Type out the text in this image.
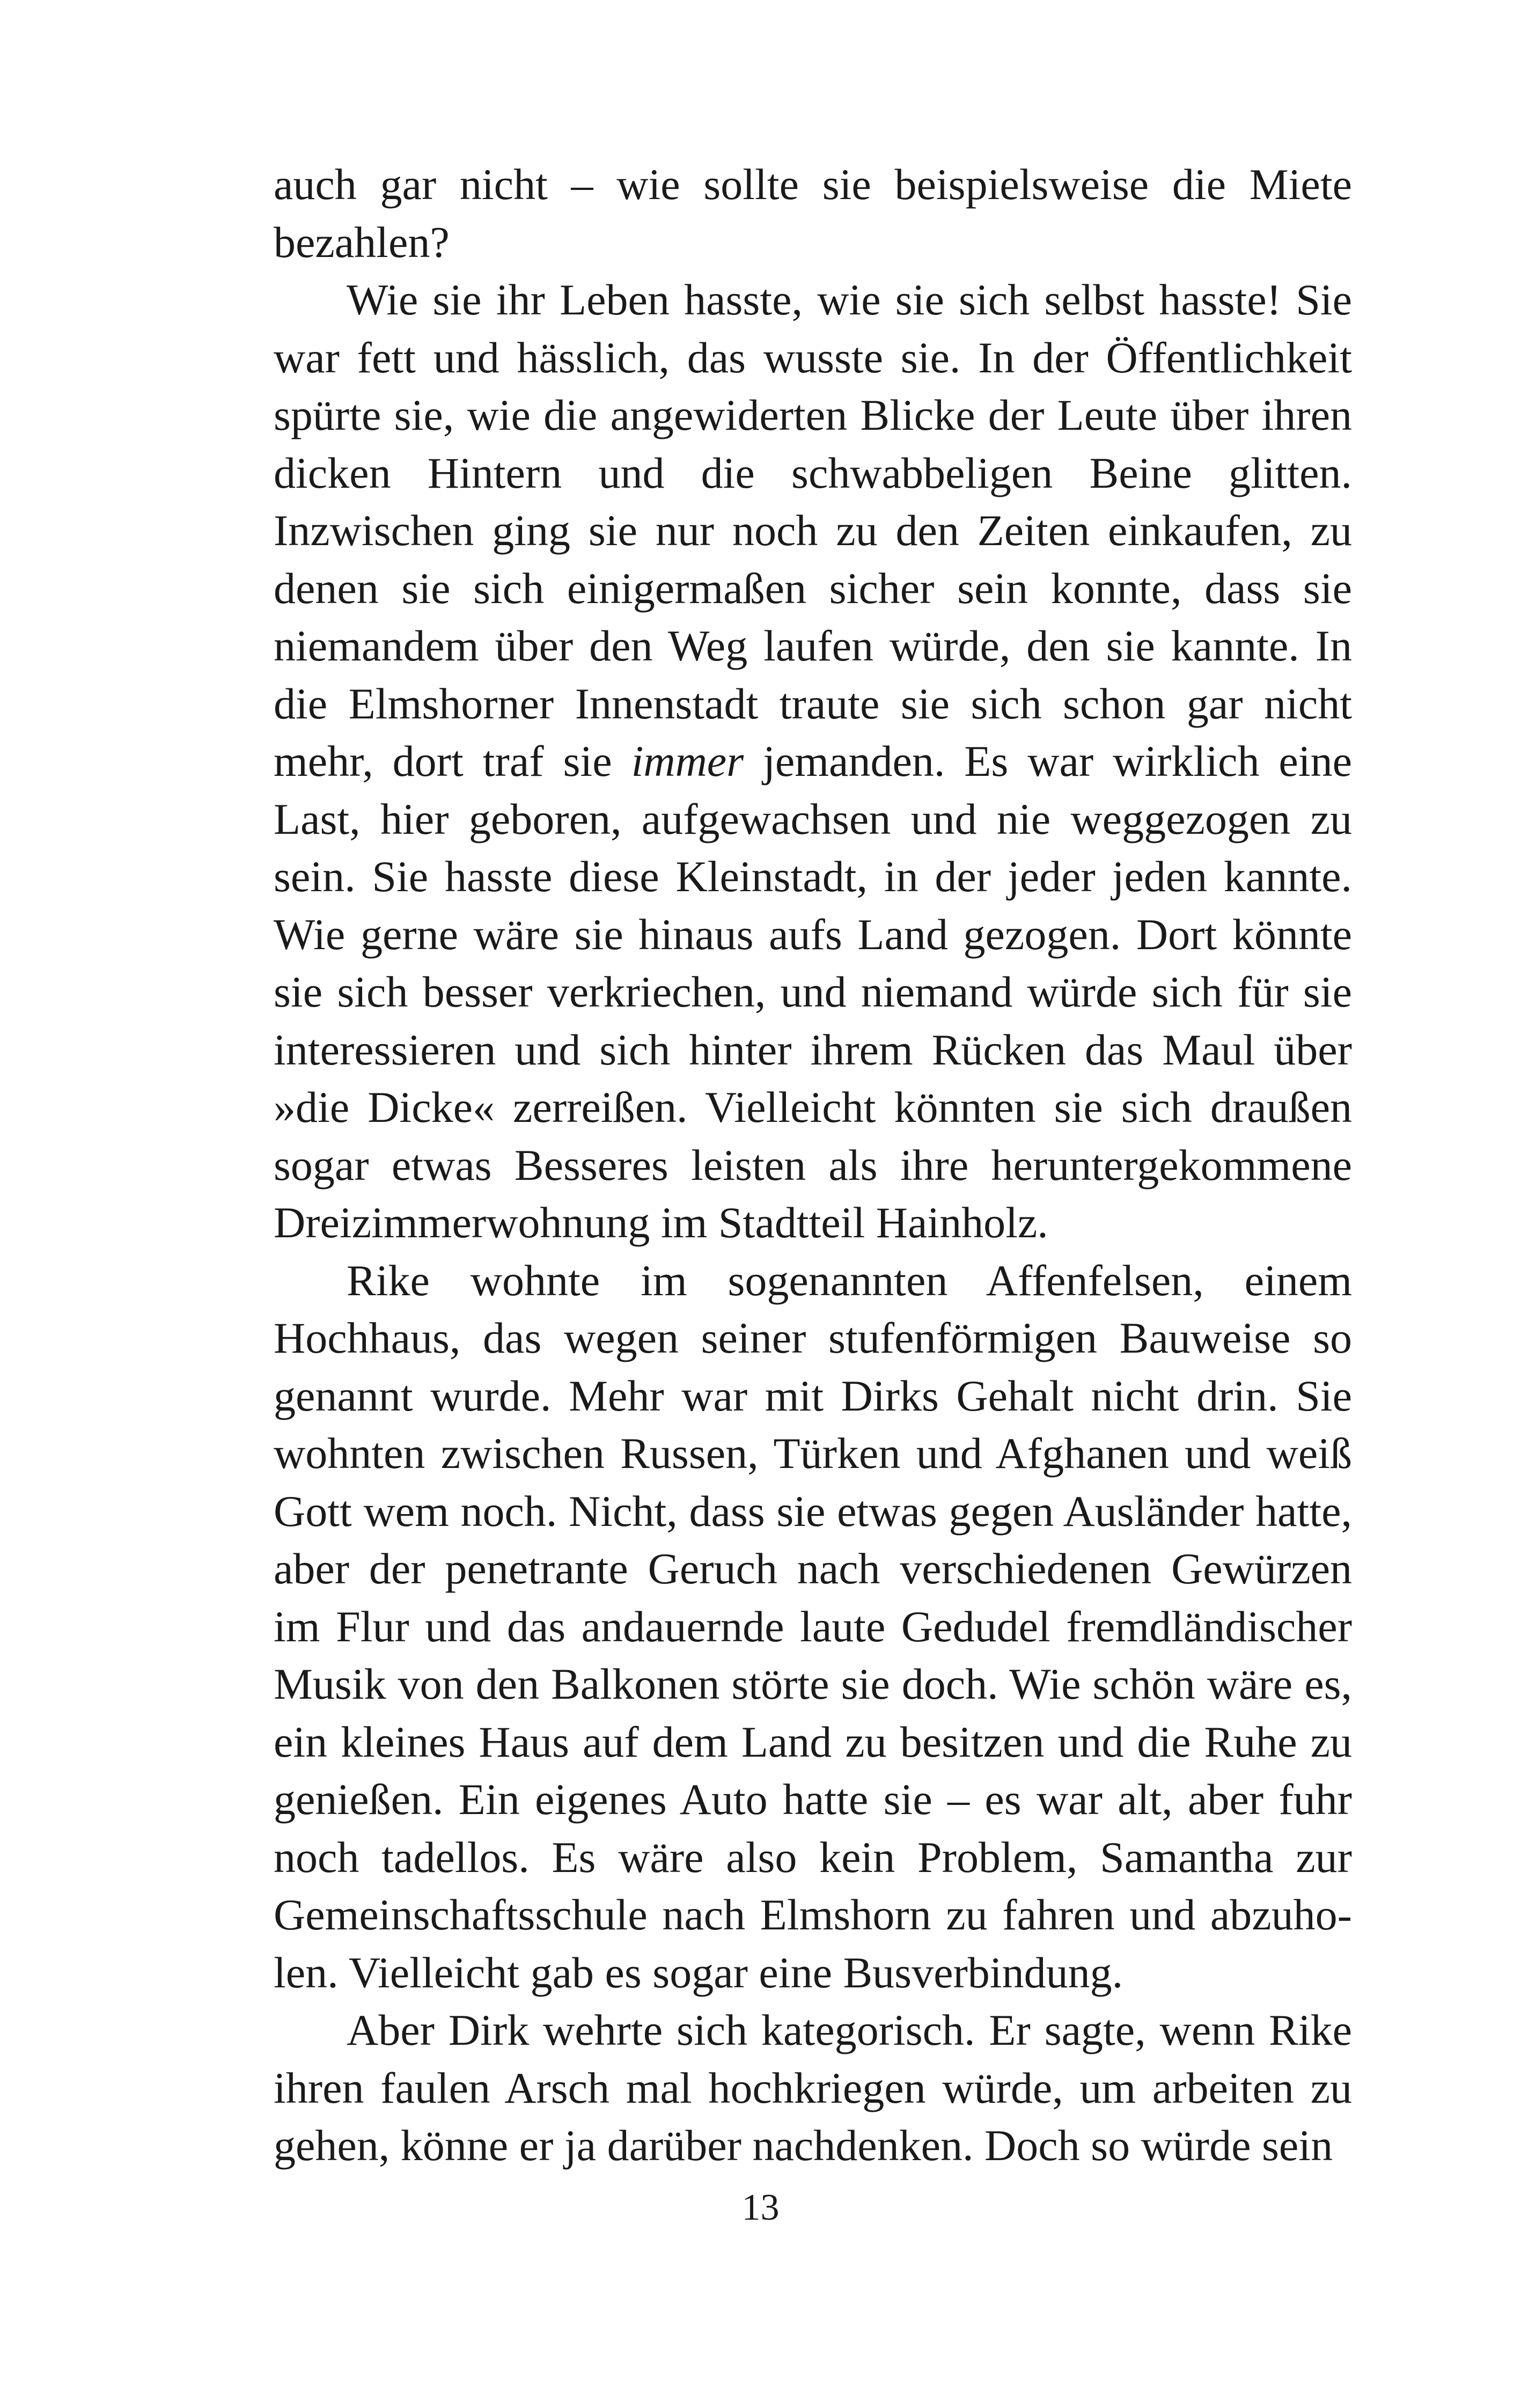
auch gar nicht – wie sollte sie beispielsweise die Miete bezahlen?

Wie sie ihr Leben hasste, wie sie sich selbst hasste! Sie war fett und hässlich, das wusste sie. In der Öffentlichkeit spürte sie, wie die angewiderten Blicke der Leute über ihren dicken Hintern und die schwabbeligen Beine glitten. Inzwischen ging sie nur noch zu den Zeiten einkaufen, zu denen sie sich einigermaßen sicher sein konnte, dass sie niemandem über den Weg laufen würde, den sie kannte. In die Elmshorner Innenstadt traute sie sich schon gar nicht mehr, dort traf sie immer jemanden. Es war wirklich eine Last, hier geboren, aufgewachsen und nie weggezogen zu sein. Sie hasste diese Kleinstadt, in der jeder jeden kannte. Wie gerne wäre sie hinaus aufs Land gezogen. Dort könnte sie sich besser verkriechen, und niemand würde sich für sie interessieren und sich hinter ihrem Rücken das Maul über »die Dicke« zerreißen. Vielleicht könnten sie sich draußen sogar etwas Besseres leisten als ihre heruntergekommene Dreizimmerwohnung im Stadtteil Hainholz.

Rike wohnte im sogenannten Affenfelsen, einem Hochhaus, das wegen seiner stufenförmigen Bauweise so genannt wurde. Mehr war mit Dirks Gehalt nicht drin. Sie wohnten zwischen Russen, Türken und Afghanen und weiß Gott wem noch. Nicht, dass sie etwas gegen Ausländer hatte, aber der penetrante Geruch nach verschiedenen Gewürzen im Flur und das andauernde laute Gedudel fremdländischer Musik von den Balkonen störte sie doch. Wie schön wäre es, ein kleines Haus auf dem Land zu besitzen und die Ruhe zu genießen. Ein eigenes Auto hatte sie – es war alt, aber fuhr noch tadellos. Es wäre also kein Problem, Samantha zur Gemeinschaftsschule nach Elmshorn zu fahren und abzuho-len. Vielleicht gab es sogar eine Busverbindung.

Aber Dirk wehrte sich kategorisch. Er sagte, wenn Rike ihren faulen Arsch mal hochkriegen würde, um arbeiten zu gehen, könne er ja darüber nachdenken. Doch so würde sein

13
